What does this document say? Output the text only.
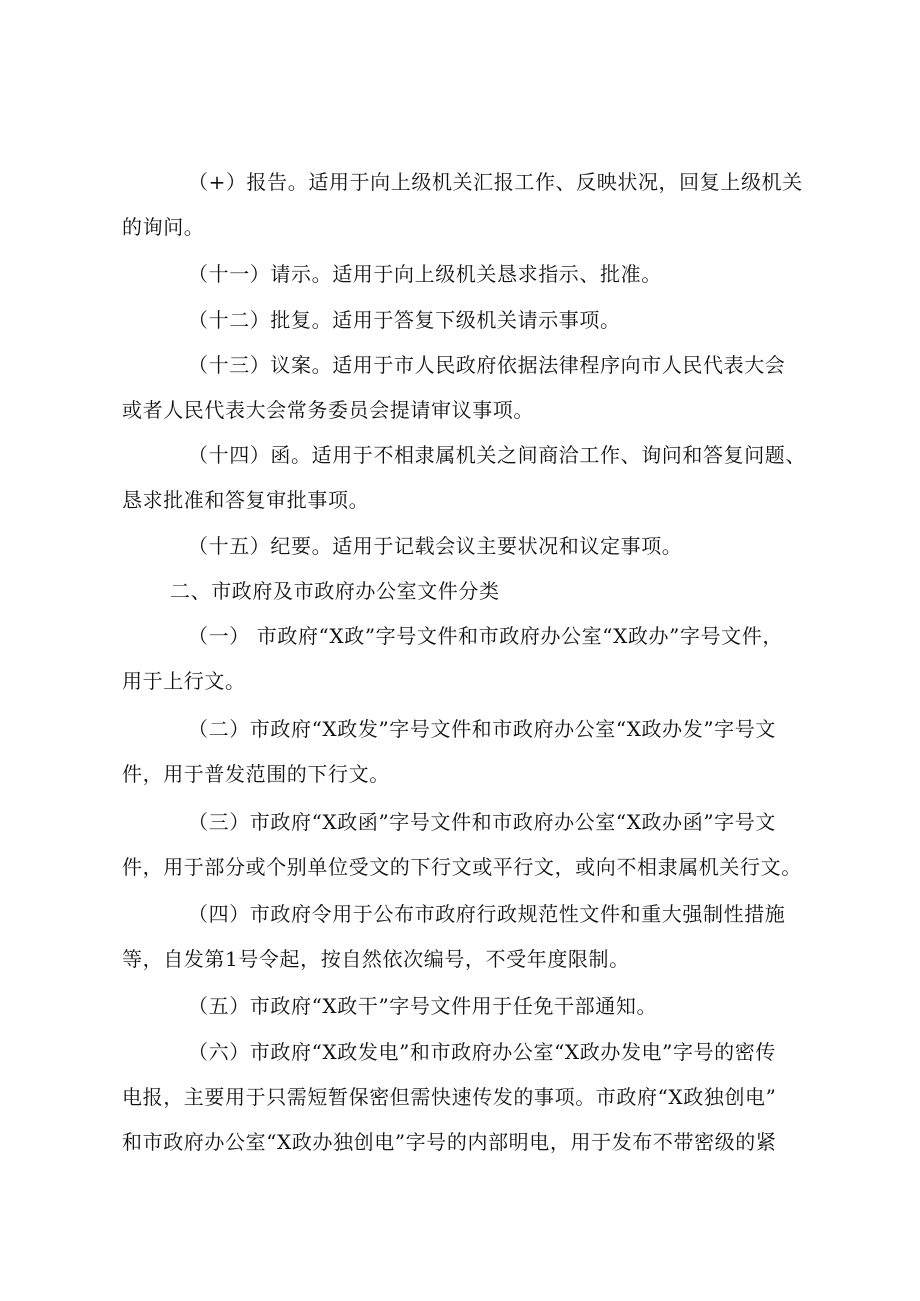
（+）报告。适用于向上级机关汇报工作、反映状况，回复上级机关
的询问。
（十一）请示。适用于向上级机关恳求指示、批准。
（十二）批复。适用于答复下级机关请示事项。
（十三）议案。适用于市人民政府依据法律程序向市人民代表大会
或者人民代表大会常务委员会提请审议事项。
（十四）函。适用于不相隶属机关之间商洽工作、询问和答复问题、
恳求批准和答复审批事项。
（十五）纪要。适用于记载会议主要状况和议定事项。
二、市政府及市政府办公室文件分类
（一） 市政府“X政”字号文件和市政府办公室“X政办”字号文件，
用于上行文。
（二）市政府“X政发”字号文件和市政府办公室“X政办发”字号文
件，用于普发范围的下行文。
（三）市政府“X政函”字号文件和市政府办公室“X政办函”字号文
件，用于部分或个别单位受文的下行文或平行文，或向不相隶属机关行文。
（四）市政府令用于公布市政府行政规范性文件和重大强制性措施
等，自发第1号令起，按自然依次编号，不受年度限制。
（五）市政府“X政干”字号文件用于任免干部通知。
（六）市政府“X政发电”和市政府办公室“X政办发电”字号的密传
电报，主要用于只需短暂保密但需快速传发的事项。市政府“X政独创电”
和市政府办公室“X政办独创电”字号的内部明电，用于发布不带密级的紧
